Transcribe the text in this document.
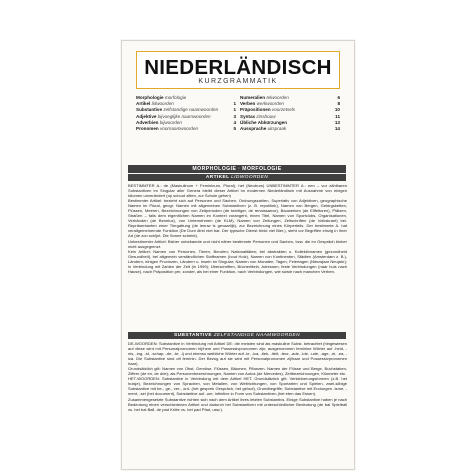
NIEDERLÄNDISCH
KURZGRAMMATIK
Morphologie morfologie
Artikel lidwoorden	1
Substantive zelfstandige naamwoorden	1
Adjektive bijvoeglijke naamwoorden	3
Adverbien bijwoorden	4
Pronomen voornaamwoorden	5
Numeralien telwoorden	6
Verben werkwoorden	8
Präpositionen voorzetsels	10
Syntax zinsbouw	11
Übliche Abkürzungen	13
Aussprache uitspraak	14
MORPHOLOGIE · MORFOLOGIE
ARTIKEL LIDWOORDEN

BESTIMMTER A.: de (Maskulinum + Femininum, Plural), het (Neutrum) UNBESTIMMTER A.: een – vor zählbaren Substantiven im Singular aller Genera bleibt dieser Artikel im modernen Niederländisch mit Ausnahme von einigen Idiomen unverändert (op schoot zitten, zur Schule gehen)

Bestimmter Artikel: bezieht sich auf Personen und Sachen, Ordnungszahlen, Superlativ von Adjektiven, geographische Namen im Plural, geogr. Namen mit allgemeinen Substantiven (z. B. republiek), Namen von Bergen, Gebirgsketten, Flüssen, Meeren, Bezeichnungen von Zeitperioden (de twintiger, de renaissance), Bauwerken (de Eiffeltoren), Plätzen, Straßen – falls dem eigentlichen Namen im Kontext vorangeht, einen Titel, Namen von Sportclubs, Organisationen, Verbänden (de Benelux), von Unternehmen (de KLM), Namen von Zeitungen, Zeitschriften (de Volkskrant) bei. Repräsentanten einer Tiergattung (de leeuw is gevaarlijk), zur Bezeichnung eines Körperteils. Der bestimmte A. hat verallgemeinernde Funktion (De Dom dirkt niet bar. Der typische Dienst trinkt viel Bier.), steht vor Begriffen einzig in ihrer Art (de zon schijnt. Die Sonne scheint).

Unbestimmter Artikel: Bisher unbekannte und nicht näher bestimmte Personen und Sachen, bzw. die im Gespräch bisher nicht ausgegrenzt.

Kein Artikel: Namen von Personen, Tieren, Berufen; Nationalitäten; bei abstrakten u. Kollektivnamen (gezondheid Gesundheit), bei allgemein verständlichen Stoffnamen (hout Holz), Namen von Kontinenten, Städten (Amsterdam z. B.), Ländern, einigen Provinzen, Ländern u. Inseln im Singular; Namen von Monaten, Tagen, Feiertagen (Nieuwjaar Neujahr); in Verbindung mit Zahlen der Zeit (in 1999); Überschriften, Büchertiteln, Adressen; feste Verbindungen (naar huis nach Hause), nach Präposition per, zonder, als bei einer Funktion, nach Verbindungen, wie sowie nach manchen Verben.

SUBSTANTIVE ZELFSTANDIGE NAAMWOORDEN

DE-WOORDEN: Substantive in Verbindung mit Artikel DE: die meisten sind als maskuline Subst. betrachtet (hingewiesen auf diese wird mit Personalpronomen hij/hem und Possessivpronomen zijn; ausgenommen feminine Wörter auf -heid, -nis, -ing, -st, -schap, -de, -te, -ij und ebenso weibliche Wörter auf -ie, -ica, -tiek, -iteit, -teur, -ade, -ide, -ude, -age, -ei, -ea, -ica. Die Substantive sind oft feminin. Der Bezug auf sie wird mit Personalpronomen zij/haar und Possessivpronomen haar).

Grundsätzlich gilt: Namen von Obst, Gemüse, Flüssen, Bäumen, Pflanzen. Namen der Flüsse und Berge, Buchstaben, Ziffern (de en, de drie); als Personenbezeichnungen, Namen von Autos (de Mercedes), Zeitbezeichnungen, Kilometer etc.

HET-WOORDEN: Substantive in Verbindung mit dem Artikel HET. Grundsätzlich gilt: Verkleinerungsformen (z.B. het huisje), Bezeichnungen von Sprachen, von Metallen, von Weltrichtungen, von Sportarten und Spielen, zwei-silbige Substantive mit be-, ge-, ver-, ont- (het gesprek Gespräch, het geloof), Grundbegriffe; Substantive mit Endungen -isme, -ment, -sel (het document), Substantive auf -um; Infinitive in Form von Substantiven (het eten das Essen).

Zusammengesetzte Substantive richten sich nach dem Artikel ihres letzten Substantivs. Einige Substantive haben je nach Bedeutung einen verschiedenen Artikel und dadurch bei Substantiven mit unterschiedlicher Bedeutung (de bal Spielball vs. het bal Ball, de pad Kröte vs. het pad Pfad, usw.).
